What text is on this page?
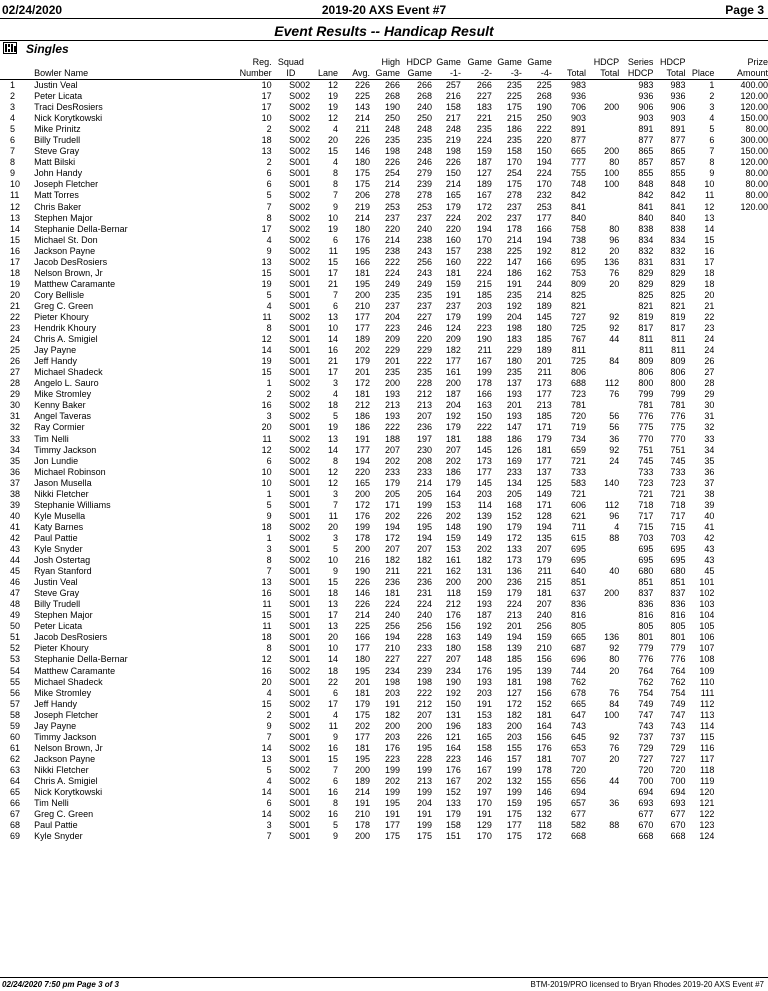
02/24/2020	2019-20 AXS Event #7	Page 3
Event Results -- Handicap Result
Singles
		Reg.	Squad			High	HDCP	Game	Game	Game	Game		HDCP	Series	HDCP		Prize
	Bowler Name	Number	ID	Lane	Avg.	Game	Game	-1-	-2-	-3-	-4-	Total	Total	HDCP	Total	Place	Amount
1	Justin Veal	10	S002	12	226	266	266	257	266	235	225	983		983	983	1	400.00
2	Peter Licata	17	S002	19	225	268	268	216	227	225	268	936		936	936	2	120.00
3	Traci DesRosiers	17	S002	19	143	190	240	158	183	175	190	706	200	906	906	3	120.00
4	Nick Korytkowski	10	S002	12	214	250	250	217	221	215	250	903		903	903	4	150.00
5	Mike Prinitz	2	S002	4	211	248	248	248	235	186	222	891		891	891	5	80.00
6	Billy Trudell	18	S002	20	226	235	235	219	224	235	220	877		877	877	6	300.00
7	Steve Gray	13	S002	15	146	198	248	198	159	158	150	665	200	865	865	7	150.00
8	Matt Bilski	2	S001	4	180	226	246	226	187	170	194	777	80	857	857	8	120.00
9	John Handy	6	S001	8	175	254	279	150	127	254	224	755	100	855	855	9	80.00
10	Joseph Fletcher	6	S001	8	175	214	239	214	189	175	170	748	100	848	848	10	80.00
11	Matt Torres	5	S002	7	206	278	278	165	167	278	232	842		842	842	11	80.00
12	Chris Baker	7	S002	9	219	253	253	179	172	237	253	841		841	841	12	120.00
13	Stephen Major	8	S002	10	214	237	237	224	202	237	177	840		840	840	13	
14	Stephanie Della-Bernar	17	S002	19	180	220	240	220	194	178	166	758	80	838	838	14	
15	Michael St. Don	4	S002	6	176	214	238	160	170	214	194	738	96	834	834	15	
16	Jackson Payne	9	S002	11	195	238	243	157	238	225	192	812	20	832	832	16	
17	Jacob DesRosiers	13	S002	15	166	222	256	160	222	147	166	695	136	831	831	17	
18	Nelson Brown, Jr	15	S001	17	181	224	243	181	224	186	162	753	76	829	829	18	
19	Matthew Caramante	19	S001	21	195	249	249	159	215	191	244	809	20	829	829	18	
20	Cory Bellisle	5	S001	7	200	235	235	191	185	235	214	825		825	825	20	
21	Greg C. Green	4	S001	6	210	237	237	237	203	192	189	821		821	821	21	
22	Pieter Khoury	11	S002	13	177	204	227	179	199	204	145	727	92	819	819	22	
23	Hendrik Khoury	8	S001	10	177	223	246	124	223	198	180	725	92	817	817	23	
24	Chris A. Smigiel	12	S001	14	189	209	220	209	190	183	185	767	44	811	811	24	
25	Jay Payne	14	S001	16	202	229	229	182	211	229	189	811		811	811	24	
26	Jeff Handy	19	S001	21	179	201	222	177	167	180	201	725	84	809	809	26	
27	Michael Shadeck	15	S001	17	201	235	235	161	199	235	211	806		806	806	27	
28	Angelo L. Sauro	1	S002	3	172	200	228	200	178	137	173	688	112	800	800	28	
29	Mike Stromley	2	S002	4	181	193	212	187	166	193	177	723	76	799	799	29	
30	Kenny Baker	16	S002	18	212	213	213	204	163	201	213	781		781	781	30	
31	Angel Taveras	3	S002	5	186	193	207	192	150	193	185	720	56	776	776	31	
32	Ray Cormier	20	S001	19	186	222	236	179	222	147	171	719	56	775	775	32	
33	Tim Nelli	11	S002	13	191	188	197	181	188	186	179	734	36	770	770	33	
34	Timmy Jackson	12	S002	14	177	207	230	207	145	126	181	659	92	751	751	34	
35	Jon Lundie	6	S002	8	194	202	208	202	173	169	177	721	24	745	745	35	
36	Michael Robinson	10	S001	12	220	233	233	186	177	233	137	733		733	733	36	
37	Jason Musella	10	S001	12	165	179	214	179	145	134	125	583	140	723	723	37	
38	Nikki Fletcher	1	S001	3	200	205	205	164	203	205	149	721		721	721	38	
39	Stephanie Williams	5	S001	7	172	171	199	153	114	168	171	606	112	718	718	39	
40	Kyle Musella	9	S001	11	176	202	226	202	139	152	128	621	96	717	717	40	
41	Katy Barnes	18	S002	20	199	194	195	148	190	179	194	711	4	715	715	41	
42	Paul Pattie	1	S002	3	178	172	194	159	149	172	135	615	88	703	703	42	
43	Kyle Snyder	3	S001	5	200	207	207	153	202	133	207	695		695	695	43	
44	Josh Ostertag	8	S002	10	216	182	182	161	182	173	179	695		695	695	43	
45	Ryan Stanford	7	S001	9	190	211	221	162	131	136	211	640	40	680	680	45	
46	Justin Veal	13	S001	15	226	236	236	200	200	236	215	851		851	851	101	
47	Steve Gray	16	S001	18	146	181	231	118	159	179	181	637	200	837	837	102	
48	Billy Trudell	11	S001	13	226	224	224	212	193	224	207	836		836	836	103	
49	Stephen Major	15	S001	17	214	240	240	176	187	213	240	816		816	816	104	
50	Peter Licata	11	S001	13	225	256	256	156	192	201	256	805		805	805	105	
51	Jacob DesRosiers	18	S001	20	166	194	228	163	149	194	159	665	136	801	801	106	
52	Pieter Khoury	8	S001	10	177	210	233	180	158	139	210	687	92	779	779	107	
53	Stephanie Della-Bernar	12	S001	14	180	227	227	207	148	185	156	696	80	776	776	108	
54	Matthew Caramante	16	S002	18	195	234	239	234	176	195	139	744	20	764	764	109	
55	Michael Shadeck	20	S001	22	201	198	198	190	193	181	198	762		762	762	110	
56	Mike Stromley	4	S001	6	181	203	222	192	203	127	156	678	76	754	754	111	
57	Jeff Handy	15	S002	17	179	191	212	150	191	172	152	665	84	749	749	112	
58	Joseph Fletcher	2	S001	4	175	182	207	131	153	182	181	647	100	747	747	113	
59	Jay Payne	9	S002	11	202	200	200	196	183	200	164	743		743	743	114	
60	Timmy Jackson	7	S001	9	177	203	226	121	165	203	156	645	92	737	737	115	
61	Nelson Brown, Jr	14	S002	16	181	176	195	164	158	155	176	653	76	729	729	116	
62	Jackson Payne	13	S001	15	195	223	228	223	146	157	181	707	20	727	727	117	
63	Nikki Fletcher	5	S002	7	200	199	199	176	167	199	178	720		720	720	118	
64	Chris A. Smigiel	4	S002	6	189	202	213	167	202	132	155	656	44	700	700	119	
65	Nick Korytkowski	14	S001	16	214	199	199	152	197	199	146	694		694	694	120	
66	Tim Nelli	6	S001	8	191	195	204	133	170	159	195	657	36	693	693	121	
67	Greg C. Green	14	S002	16	210	191	191	179	191	175	132	677		677	677	122	
68	Paul Pattie	3	S001	5	178	177	199	158	129	177	118	582	88	670	670	123	
69	Kyle Snyder	7	S001	9	200	175	175	151	170	175	172	668		668	668	124	
02/24/2020 7:50 pm Page 3 of 3	BTM-2019/PRO licensed to Bryan Rhodes 2019-20 AXS Event #7
